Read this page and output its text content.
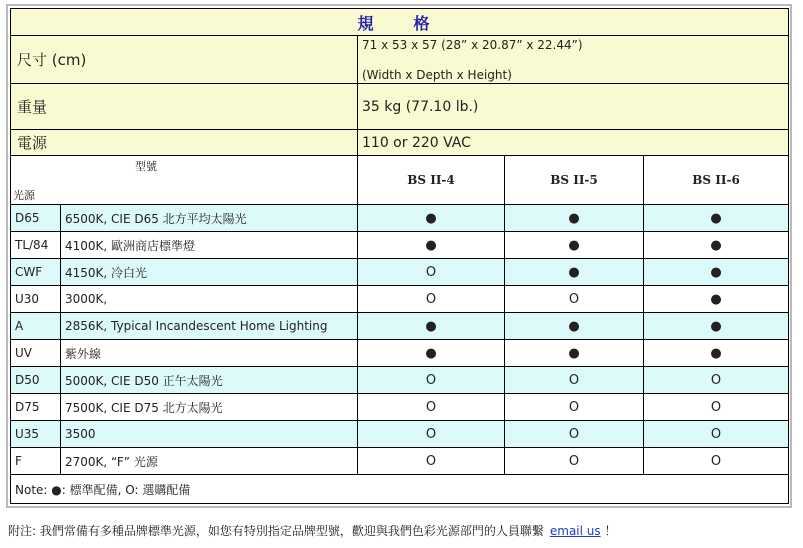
規　格				
尺寸 (cm)		71 x 53 x 57 (28” x 20.87” x 22.44”)
(Width x Depth x Height)		

重量		35 kg (77.10 lb.)		
電源		110 or 220 VAC		

型號
光源		BS II-4	BS II-5	BS II-6
D65	6500K, CIE D65 北方平均太陽光	●	●	●
TL/84	4100K, 歐洲商店標準燈	●	●	●
CWF	4150K, 冷白光	O	●	●
U30	3000K,	O	O	●
A	2856K, Typical Incandescent Home Lighting	●	●	●
UV	紫外線	●	●	●
D50	5000K, CIE D50 正午太陽光	O	O	O
D75	7500K, CIE D75 北方太陽光	O	O	O
U35	3500	O	O	O
F	2700K, “F” 光源	O	O	O
Note: ●: 標準配備, O: 選購配備				
附注: 我們常備有多種品牌標準光源，如您有特別指定品牌型號，歡迎與我們色彩光源部門的人員聯繫 email us ！
